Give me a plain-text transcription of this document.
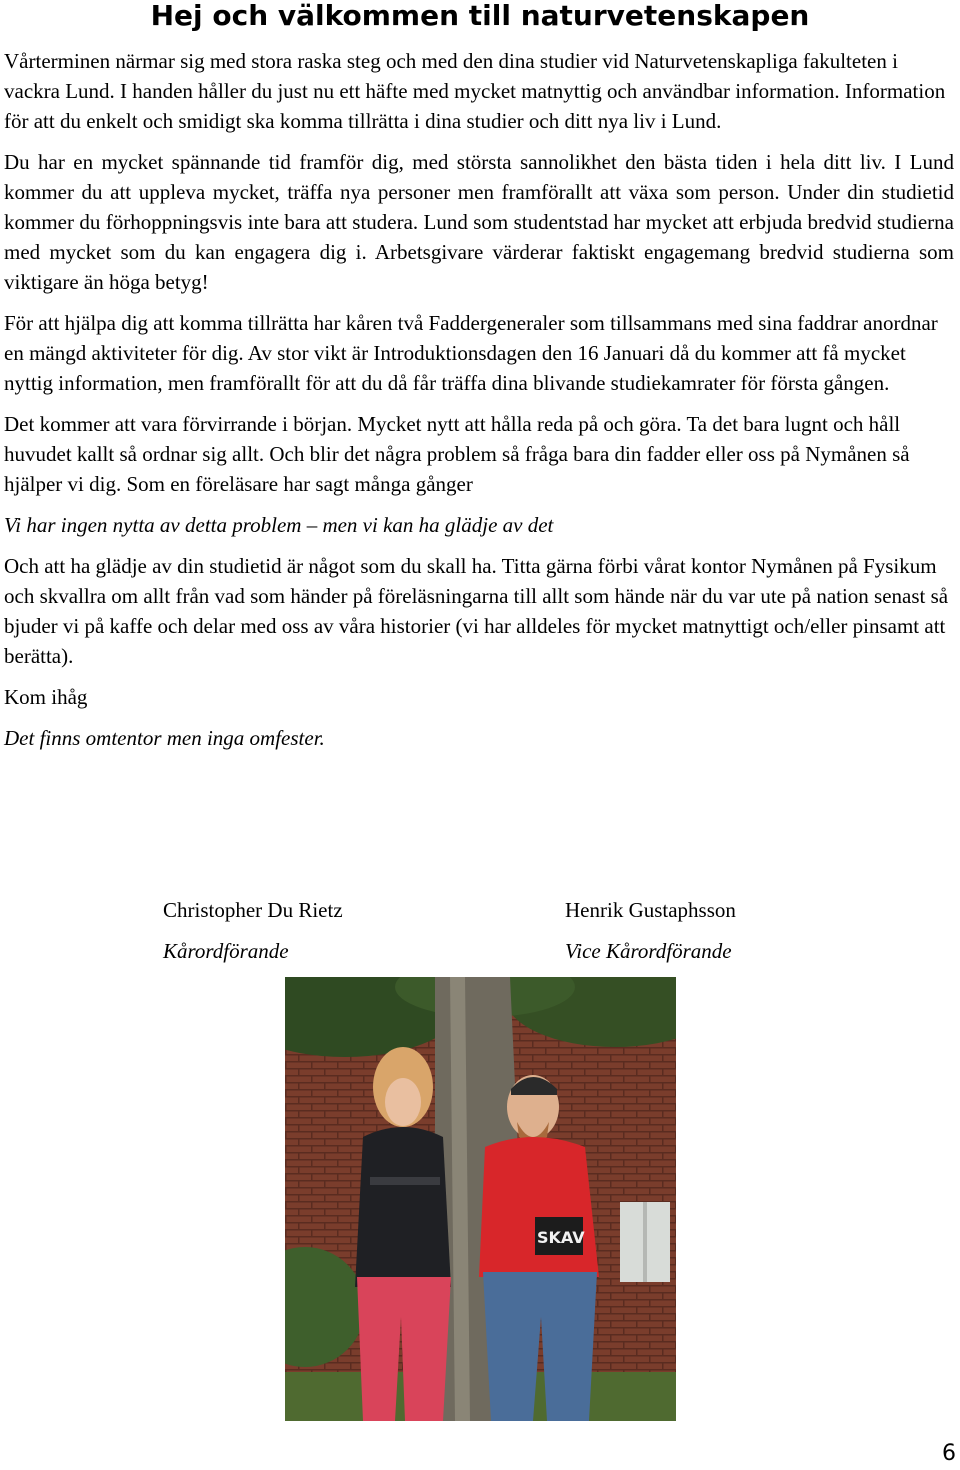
Hej och välkommen till naturvetenskapen

Vårterminen närmar sig med stora raska steg och med den dina studier vid Naturvetenskapliga fakulteten i vackra Lund. I handen håller du just nu ett häfte med mycket matnyttig och användbar information. Information för att du enkelt och smidigt ska komma tillrätta i dina studier och ditt nya liv i Lund.

Du har en mycket spännande tid framför dig, med största sannolikhet den bästa tiden i hela ditt liv. I Lund kommer du att uppleva mycket, träffa nya personer men framförallt att växa som person. Under din studietid kommer du förhoppningsvis inte bara att studera. Lund som studentstad har mycket att erbjuda bredvid studierna med mycket som du kan engagera dig i. Arbetsgivare värderar faktiskt engagemang bredvid studierna som viktigare än höga betyg!

För att hjälpa dig att komma tillrätta har kåren två Faddergeneraler som tillsammans med sina faddrar anordnar en mängd aktiviteter för dig. Av stor vikt är Introduktionsdagen den 16 Januari då du kommer att få mycket nyttig information, men framförallt för att du då får träffa dina blivande studiekamrater för första gången.

Det kommer att vara förvirrande i början. Mycket nytt att hålla reda på och göra. Ta det bara lugnt och håll huvudet kallt så ordnar sig allt. Och blir det några problem så fråga bara din fadder eller oss på Nymånen så hjälper vi dig. Som en föreläsare har sagt många gånger

Vi har ingen nytta av detta problem – men vi kan ha glädje av det

Och att ha glädje av din studietid är något som du skall ha. Titta gärna förbi vårat kontor Nymånen på Fysikum och skvallra om allt från vad som händer på föreläsningarna till allt som hände när du var ute på nation senast så bjuder vi på kaffe och delar med oss av våra historier (vi har alldeles för mycket matnyttigt och/eller pinsamt att berätta).

Kom ihåg

Det finns omtentor men inga omfester.

Christopher Du Rietz
Kårordförande
Henrik Gustaphsson
Vice Kårordförande
SKAV
6
